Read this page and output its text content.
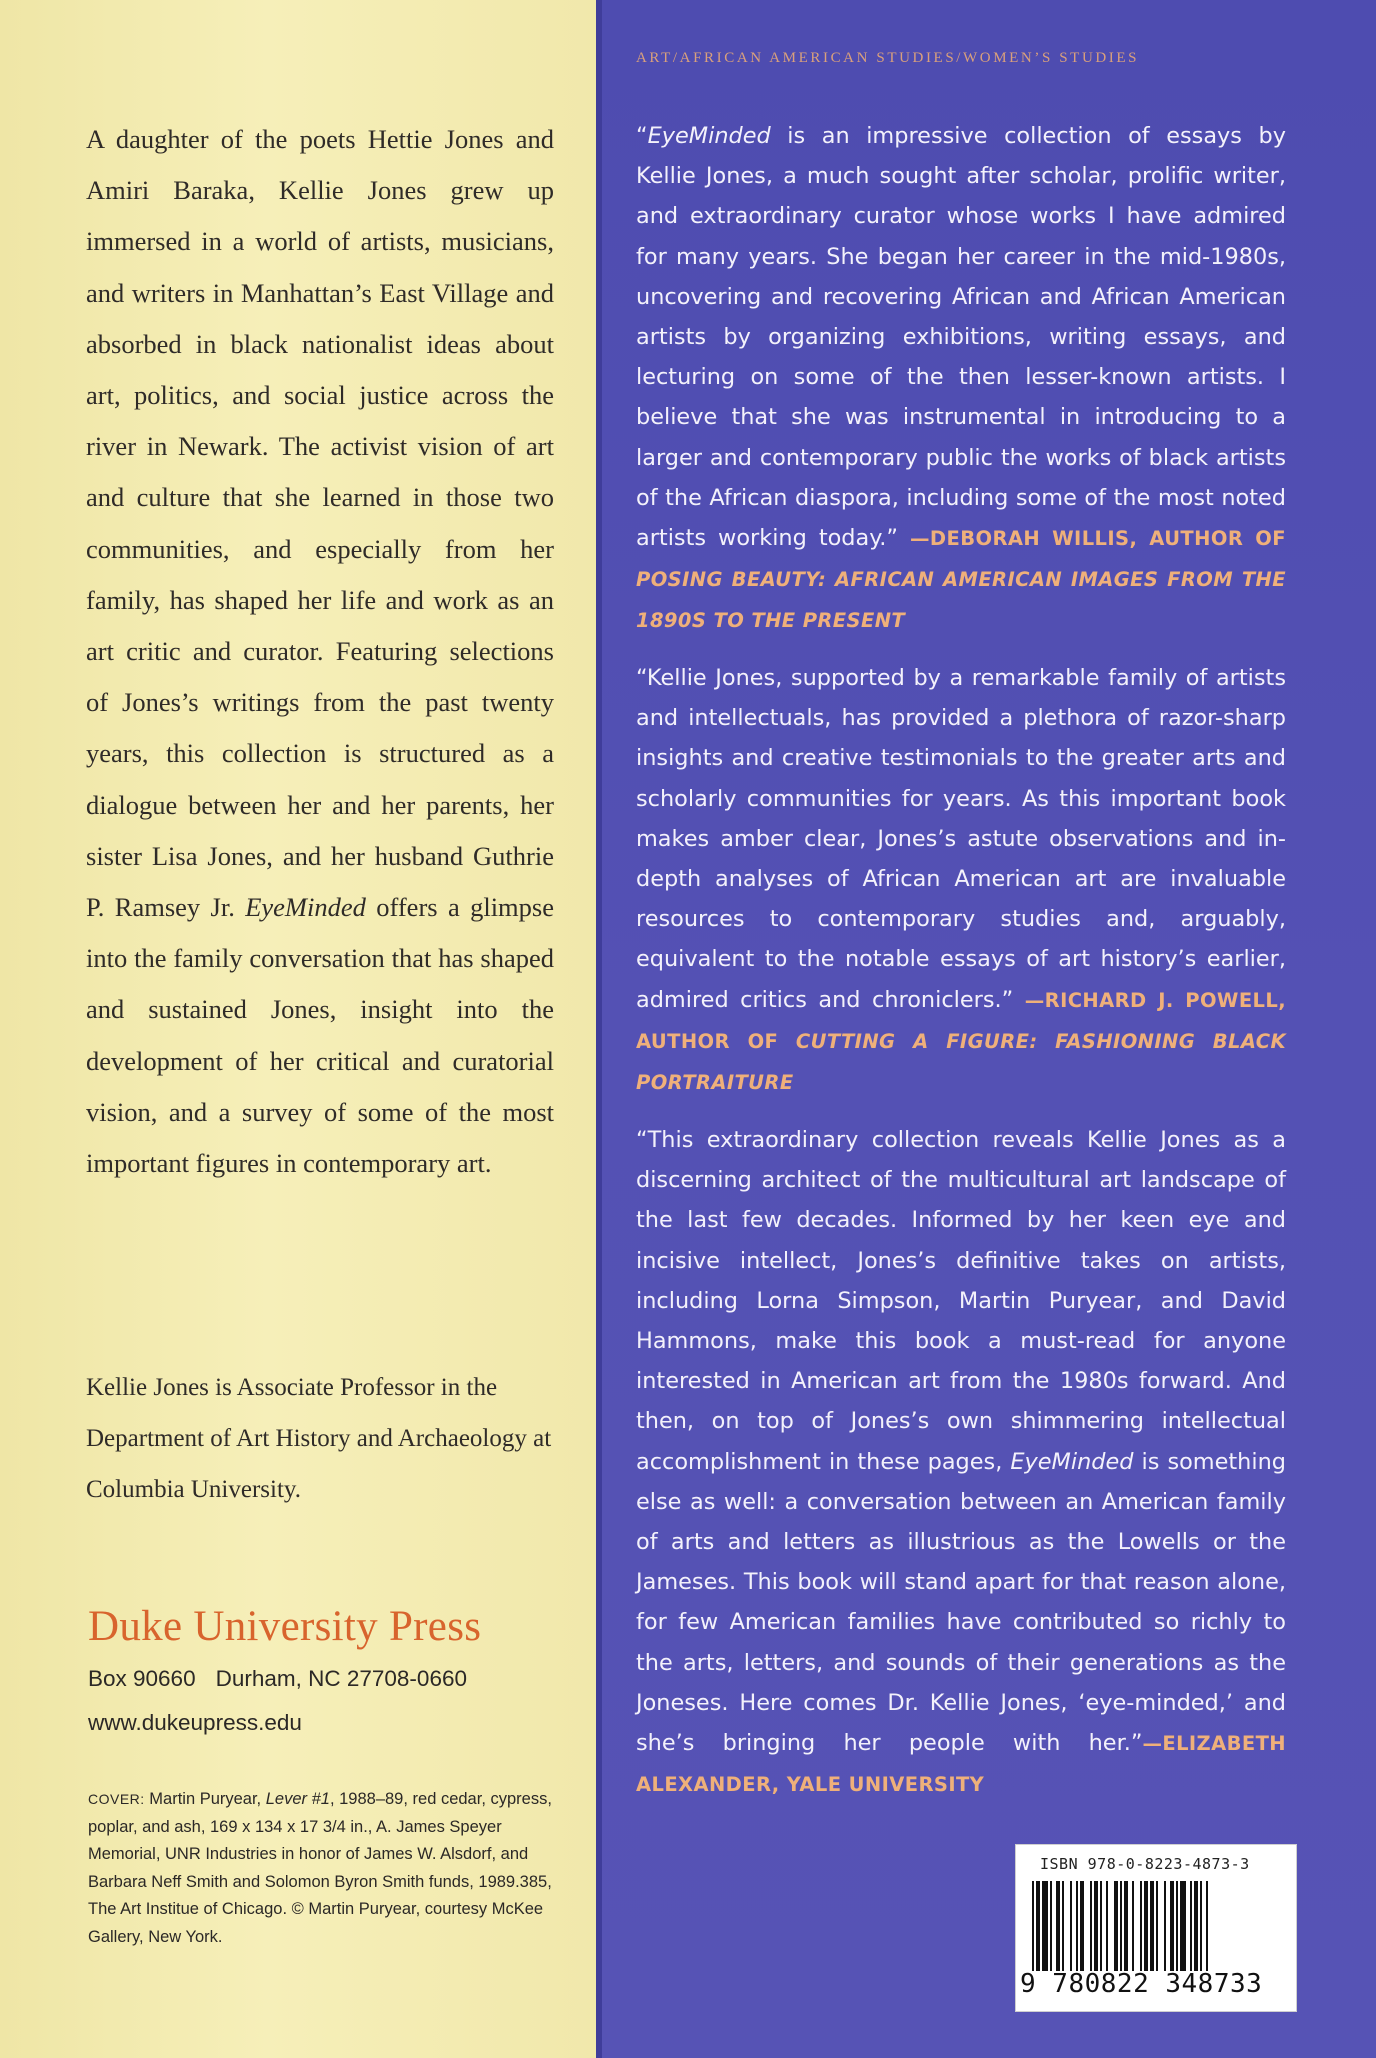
A daughter of the poets Hettie Jones and Amiri Baraka, Kellie Jones grew up immersed in a world of artists, musicians, and writers in Manhattan’s East Village and absorbed in black nationalist ideas about art, politics, and social justice across the river in Newark. The activist vision of art and culture that she learned in those two communities, and especially from her family, has shaped her life and work as an art critic and curator. Featuring selections of Jones’s writings from the past twenty years, this collection is structured as a dialogue between her and her parents, her sister Lisa Jones, and her husband Guthrie P. Ramsey Jr. EyeMinded offers a glimpse into the family conversation that has shaped and sustained Jones, insight into the development of her critical and curatorial vision, and a survey of some of the most important figures in contemporary art.

Kellie Jones is Associate Professor in the Department of Art History and Archaeology at Columbia University.

Duke University Press

Box 90660 Durham, NC 27708-0660

www.dukeupress.edu

COVER: Martin Puryear, Lever #1, 1988–89, red cedar, cypress, poplar, and ash, 169 x 134 x 17 3/4 in., A. James Speyer Memorial, UNR Industries in honor of James W. Alsdorf, and Barbara Neff Smith and Solomon Byron Smith funds, 1989.385, The Art Institue of Chicago. © Martin Puryear, courtesy McKee Gallery, New York.

ART/AFRICAN AMERICAN STUDIES/WOMEN’S STUDIES

“EyeMinded is an impressive collection of essays by Kellie Jones, a much sought after scholar, prolific writer, and extraordinary curator whose works I have admired for many years. She began her career in the mid-1980s, uncovering and recovering African and African American artists by organizing exhibitions, writing essays, and lecturing on some of the then lesser-known artists. I believe that she was instrumental in introducing to a larger and contemporary public the works of black artists of the African diaspora, including some of the most noted artists working today.” —DEBORAH WILLIS, AUTHOR OF POSING BEAUTY: AFRICAN AMERICAN IMAGES FROM THE 1890S TO THE PRESENT
“Kellie Jones, supported by a remarkable family of artists and intellectuals, has provided a plethora of razor-sharp insights and creative testimonials to the greater arts and scholarly communities for years. As this important book makes amber clear, Jones’s astute observations and in-depth analyses of African American art are invaluable resources to contemporary studies and, arguably, equivalent to the notable essays of art history’s earlier, admired critics and chroniclers.” —RICHARD J. POWELL, AUTHOR OF CUTTING A FIGURE: FASHIONING BLACK PORTRAITURE
“This extraordinary collection reveals Kellie Jones as a discerning architect of the multicultural art landscape of the last few decades. Informed by her keen eye and incisive intellect, Jones’s definitive takes on artists, including Lorna Simpson, Martin Puryear, and David Hammons, make this book a must-read for anyone interested in American art from the 1980s forward. And then, on top of Jones’s own shimmering intellectual accomplishment in these pages, EyeMinded is something else as well: a conversation between an American family of arts and letters as illustrious as the Lowells or the Jameses. This book will stand apart for that reason alone, for few American families have contributed so richly to the arts, letters, and sounds of their generations as the Joneses. Here comes Dr. Kellie Jones, ‘eye-minded,’ and she’s bringing her people with her.”—ELIZABETH ALEXANDER, YALE UNIVERSITY
ISBN 978-0-8223-4873-3
9 780822 348733
